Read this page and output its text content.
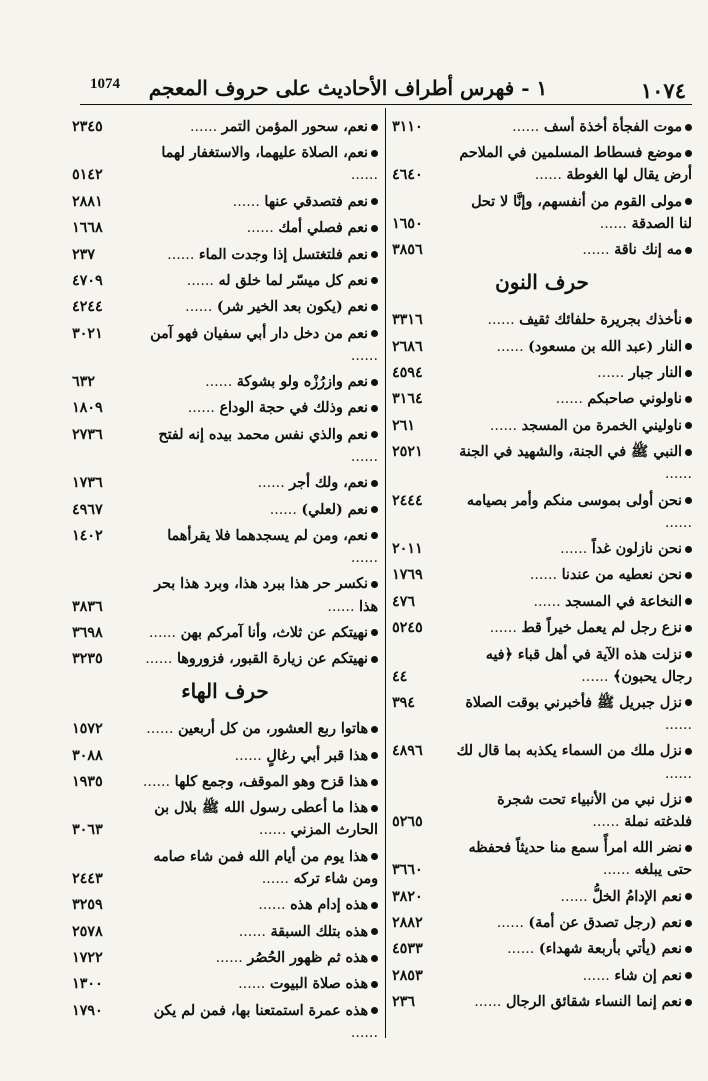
١٠٧٤
١ - فهرس أطراف الأحاديث على حروف المعجم
1074
موت الفجأة أخذة أسف ......
٣١١٠
موضع فسطاط المسلمين في الملاحم أرض يقال لها الغوطة ......
٤٦٤٠
مولى القوم من أنفسهم، وإنَّا لا تحل لنا الصدقة ......
١٦٥٠
مه إنك ناقة ......
٣٨٥٦
حرف النون
نأخذك بجريرة حلفائك ثقيف ......
٣٣١٦
النار (عبد الله بن مسعود) ......
٢٦٨٦
النار جبار ......
٤٥٩٤
ناولوني صاحبكم ......
٣١٦٤
ناوليني الخمرة من المسجد ......
٢٦١
النبي ﷺ في الجنة، والشهيد في الجنة ......
٢٥٢١
نحن أولى بموسى منكم وأمر بصيامه ......
٢٤٤٤
نحن نازلون غداً ......
٢٠١١
نحن نعطيه من عندنا ......
١٧٦٩
النخاعة في المسجد ......
٤٧٦
نزع رجل لم يعمل خيراً قط ......
٥٢٤٥
نزلت هذه الآية في أهل قباء ﴿فيه رجال يحبون﴾ ......
٤٤
نزل جبريل ﷺ فأخبرني بوقت الصلاة ......
٣٩٤
نزل ملك من السماء يكذبه بما قال لك ......
٤٨٩٦
نزل نبي من الأنبياء تحت شجرة فلدغته نملة ......
٥٢٦٥
نضر الله امرأً سمع منا حديثاً فحفظه حتى يبلغه ......
٣٦٦٠
نعم الإدامُ الخلُّ ......
٣٨٢٠
نعم (رجل تصدق عن أمة) ......
٢٨٨٢
نعم (يأتي بأربعة شهداء) ......
٤٥٣٣
نعم إن شاء ......
٢٨٥٣
نعم إنما النساء شقائق الرجال ......
٢٣٦
نعم، سحور المؤمن التمر ......
٢٣٤٥
نعم، الصلاة عليهما، والاستغفار لهما ......
٥١٤٢
نعم فتصدقي عنها ......
٢٨٨١
نعم فصلي أمك ......
١٦٦٨
نعم فلتغتسل إذا وجدت الماء ......
٢٣٧
نعم كل ميسّر لما خلق له ......
٤٧٠٩
نعم (يكون بعد الخير شر) ......
٤٢٤٤
نعم من دخل دار أبي سفيان فهو آمن ......
٣٠٢١
نعم وازرُزْه ولو بشوكة ......
٦٣٢
نعم وذلك في حجة الوداع ......
١٨٠٩
نعم والذي نفس محمد بيده إنه لفتح ......
٢٧٣٦
نعم، ولك أجر ......
١٧٣٦
نعم (لعلي) ......
٤٩٦٧
نعم، ومن لم يسجدهما فلا يقرأهما ......
١٤٠٢
نكسر حر هذا ببرد هذا، وبرد هذا بحر هذا ......
٣٨٣٦
نهيتكم عن ثلاث، وأنا آمركم بهن ......
٣٦٩٨
نهيتكم عن زيارة القبور، فزوروها ......
٣٢٣٥
حرف الهاء
هاتوا ربع العشور، من كل أربعين ......
١٥٧٢
هذا قبر أبي رغالٍ ......
٣٠٨٨
هذا قزح وهو الموقف، وجمع كلها ......
١٩٣٥
هذا ما أعطى رسول الله ﷺ بلال بن الحارث المزني ......
٣٠٦٣
هذا يوم من أيام الله فمن شاء صامه ومن شاء تركه ......
٢٤٤٣
هذه إدام هذه ......
٣٢٥٩
هذه بتلك السبقة ......
٢٥٧٨
هذه ثم ظهور الحُصُر ......
١٧٢٢
هذه صلاة البيوت ......
١٣٠٠
هذه عمرة استمتعنا بها، فمن لم يكن ......
١٧٩٠
